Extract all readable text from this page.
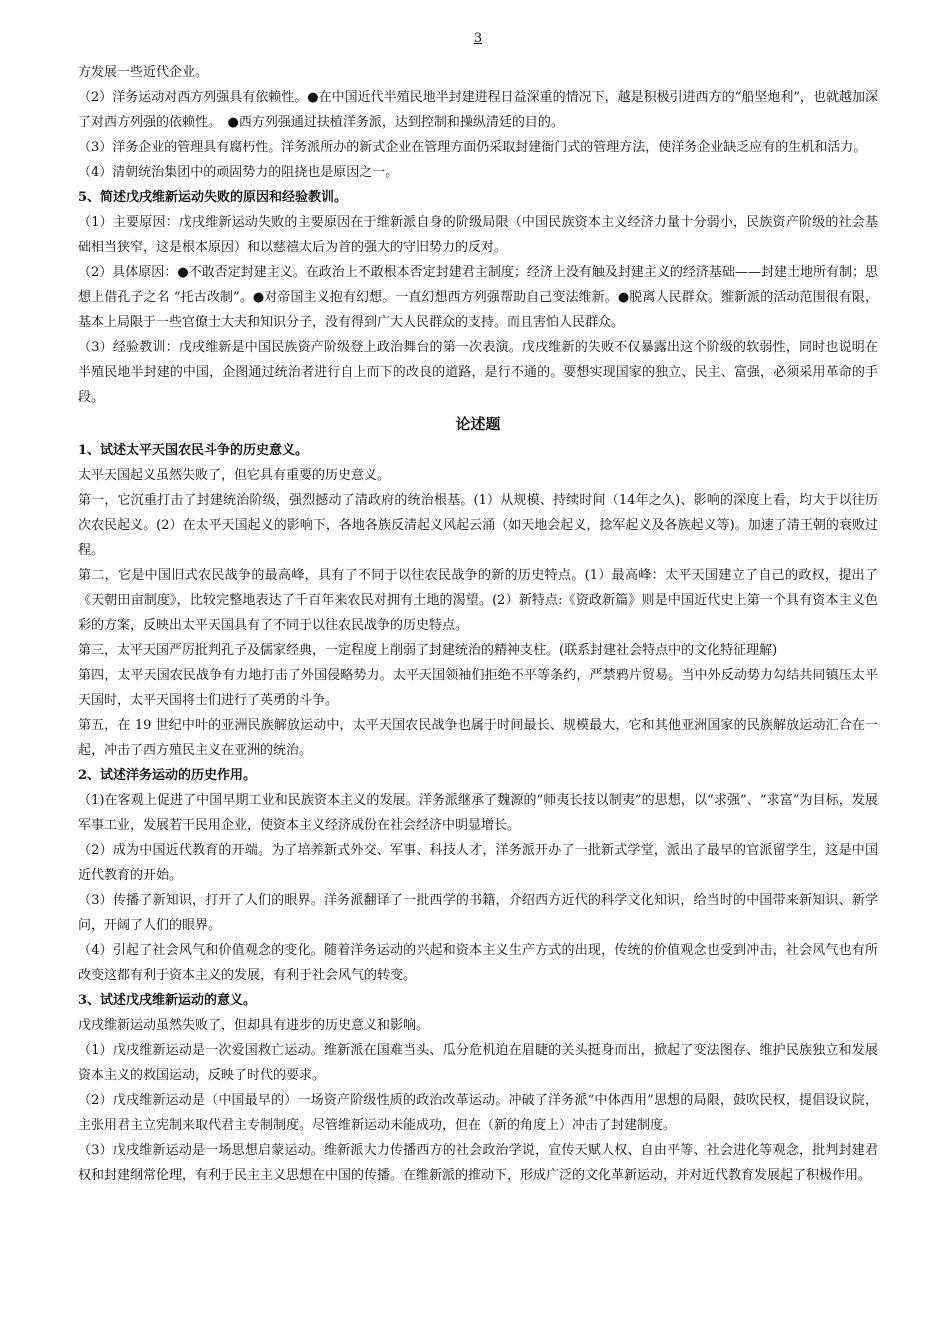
3

方发展一些近代企业。

（2）洋务运动对西方列强具有依赖性。●在中国近代半殖民地半封建进程日益深重的情况下，越是积极引进西方的“船坚炮利”，也就越加深了对西方列强的依赖性。　●西方列强通过扶植洋务派，达到控制和操纵清廷的目的。

（3）洋务企业的管理具有腐朽性。洋务派所办的新式企业在管理方面仍采取封建衙门式的管理方法，使洋务企业缺乏应有的生机和活力。

（4）清朝统治集团中的顽固势力的阻挠也是原因之一。

5、简述戊戌维新运动失败的原因和经验教训。

（1）主要原因：戊戌维新运动失败的主要原因在于维新派自身的阶级局限（中国民族资本主义经济力量十分弱小，民族资产阶级的社会基础相当狭窄，这是根本原因）和以慈禧太后为首的强大的守旧势力的反对。

（2）具体原因：●不敢否定封建主义。在政治上不敢根本否定封建君主制度；经济上没有触及封建主义的经济基础——封建土地所有制；思想上借孔子之名 “托古改制”。●对帝国主义抱有幻想。一直幻想西方列强帮助自己变法维新。●脱离人民群众。维新派的活动范围很有限，基本上局限于一些官僚士大夫和知识分子，没有得到广大人民群众的支持。而且害怕人民群众。

（3）经验教训：戊戌维新是中国民族资产阶级登上政治舞台的第一次表演。戊戌维新的失败不仅暴露出这个阶级的软弱性，同时也说明在半殖民地半封建的中国，企图通过统治者进行自上而下的改良的道路，是行不通的。要想实现国家的独立、民主、富强，必须采用革命的手段。

论述题

1、试述太平天国农民斗争的历史意义。

太平天国起义虽然失败了，但它具有重要的历史意义。

第一，它沉重打击了封建统治阶级，强烈撼动了清政府的统治根基。(1）从规模、持续时间（14年之久)、影响的深度上看，均大于以往历次农民起义。(2）在太平天国起义的影响下，各地各族反清起义风起云涌（如天地会起义，捻军起义及各族起义等)。加速了清王朝的衰败过程。

第二，它是中国旧式农民战争的最高峰，具有了不同于以往农民战争的新的历史特点。(1）最高峰：太平天国建立了自己的政权，提出了《天朝田亩制度》，比较完整地表达了千百年来农民对拥有土地的渴望。(2）新特点:《资政新篇》则是中国近代史上第一个具有资本主义色彩的方案，反映出太平天国具有了不同于以往农民战争的历史特点。

第三，太平天国严厉批判孔子及儒家经典，一定程度上削弱了封建统治的精神支柱。(联系封建社会特点中的文化特征理解)

第四，太平天国农民战争有力地打击了外国侵略势力。太平天国领袖们拒绝不平等条约，严禁鸦片贸易。当中外反动势力勾结共同镇压太平天国时，太平天国将士们进行了英勇的斗争。

第五，在 19 世纪中叶的亚洲民族解放运动中，太平天国农民战争也属于时间最长、规模最大，它和其他亚洲国家的民族解放运动汇合在一起，冲击了西方殖民主义在亚洲的统治。

2、试述洋务运动的历史作用。

（1)在客观上促进了中国早期工业和民族资本主义的发展。洋务派继承了魏源的“师夷长技以制夷”的思想，以“求强”、“求富”为目标，发展军事工业，发展若干民用企业，使资本主义经济成份在社会经济中明显增长。

（2）成为中国近代教育的开端。为了培养新式外交、军事、科技人才，洋务派开办了一批新式学堂，派出了最早的官派留学生，这是中国近代教育的开始。

（3）传播了新知识，打开了人们的眼界。洋务派翻译了一批西学的书籍，介绍西方近代的科学文化知识，给当时的中国带来新知识、新学问，开阔了人们的眼界。

（4）引起了社会风气和价值观念的变化。随着洋务运动的兴起和资本主义生产方式的出现，传统的价值观念也受到冲击，社会风气也有所改变这都有利于资本主义的发展，有利于社会风气的转变。

3、试述戊戌维新运动的意义。

戊戌维新运动虽然失败了，但却具有进步的历史意义和影响。

（1）戊戌维新运动是一次爱国救亡运动。维新派在国难当头、瓜分危机迫在眉睫的关头挺身而出，掀起了变法图存、维护民族独立和发展资本主义的救国运动，反映了时代的要求。

（2）戊戌维新运动是（中国最早的）一场资产阶级性质的政治改革运动。冲破了洋务派“中体西用”思想的局限，鼓吹民权，提倡设议院，主张用君主立宪制来取代君主专制制度。尽管维新运动未能成功，但在（新的角度上）冲击了封建制度。

（3）戊戌维新运动是一场思想启蒙运动。维新派大力传播西方的社会政治学说，宣传天赋人权、自由平等、社会进化等观念，批判封建君权和封建纲常伦理，有利于民主主义思想在中国的传播。在维新派的推动下，形成广泛的文化革新运动，并对近代教育发展起了积极作用。
